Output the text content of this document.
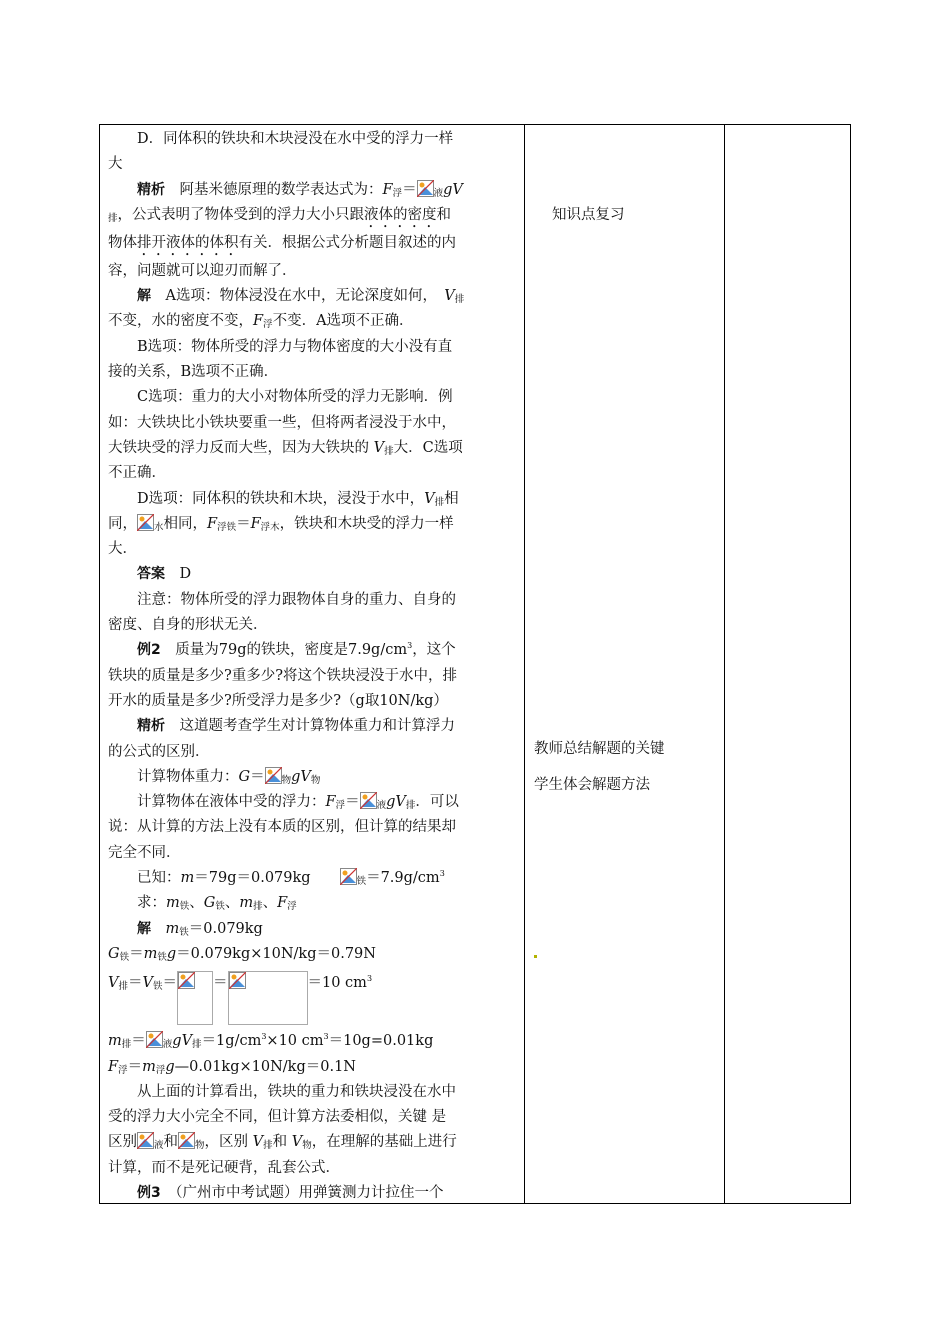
D．同体积的铁块和木块浸没在水中受的浮力一样

大

精析　 阿基米德原理的数学表达式为：$F_浮= _液gV$

$_排$，公式表明了物体受到的浮力大小只跟液体的密度和

物体排开液体的体积有关．根据公式分析题目叙述的内

容，问题就可以迎刃而解了．

解　 A选项：物体浸没在水中，无论深度如何，　 $V_排$

不变，水的密度不变，$F_浮$不变．A选项不正确．

B选项：物体所受的浮力与物体密度的大小没有直

接的关系，B选项不正确．

C选项：重力的大小对物体所受的浮力无影响．例

如：大铁块比小铁块要重一些，但将两者浸没于水中，

大铁块受的浮力反而大些，因为大铁块的 $V_排$大．C选项

不正确．

D选项：同体积的铁块和木块，浸没于水中，$V_排$相

同， $_水$相同，$F_{浮铁}=F_{浮木}$，铁块和木块受的浮力一样

大．

答案　 D

注意：物体所受的浮力跟物体自身的重力、自身的

密度、自身的形状无关．

例2　 质量为79g的铁块，密度是$7.9g/cm^3$，这个

铁块的质量是多少?重多少?将这个铁块浸没于水中，排

开水的质量是多少?所受浮力是多少?（g取10N/kg）

精析　 这道题考查学生对计算物体重力和计算浮力

的公式的区别．

计算物体重力：$G= _物gV_物$

计算物体在液体中受的浮力：$F_浮= _液gV_排$．可以

说：从计算的方法上没有本质的区别，但计算的结果却

完全不同．

已知：m＝79g＝0.079kg　　	$_铁=7.9g/cm^3$

求：$m_铁$、$G_铁$、$m_排$、$F_浮$

解　 $m_铁=0.079kg$

$G_铁=m_铁g=0.079kg\times 10N/kg=0.79N$

$V_排=V_铁=$ ＝	＝10 $cm^3$

$m_排= _液gV_排=1g/cm^3\times 10$ $cm^3=10g=0.01kg$

$F_浮=m_浮g—0.01kg\times 10N/kg=0.1N$

从上面的计算看出，铁块的重力和铁块浸没在水中

受的浮力大小完全不同，但计算方法委相似，关键 是

区别 $_液$和 $_物$，区别 $V_排$和 $V_物$，在理解的基础上进行

计算，而不是死记硬背，乱套公式．

例3　 （广州市中考试题）用弹簧测力计拉住一个

知识点复习
教师总结解题的关键
学生体会解题方法
